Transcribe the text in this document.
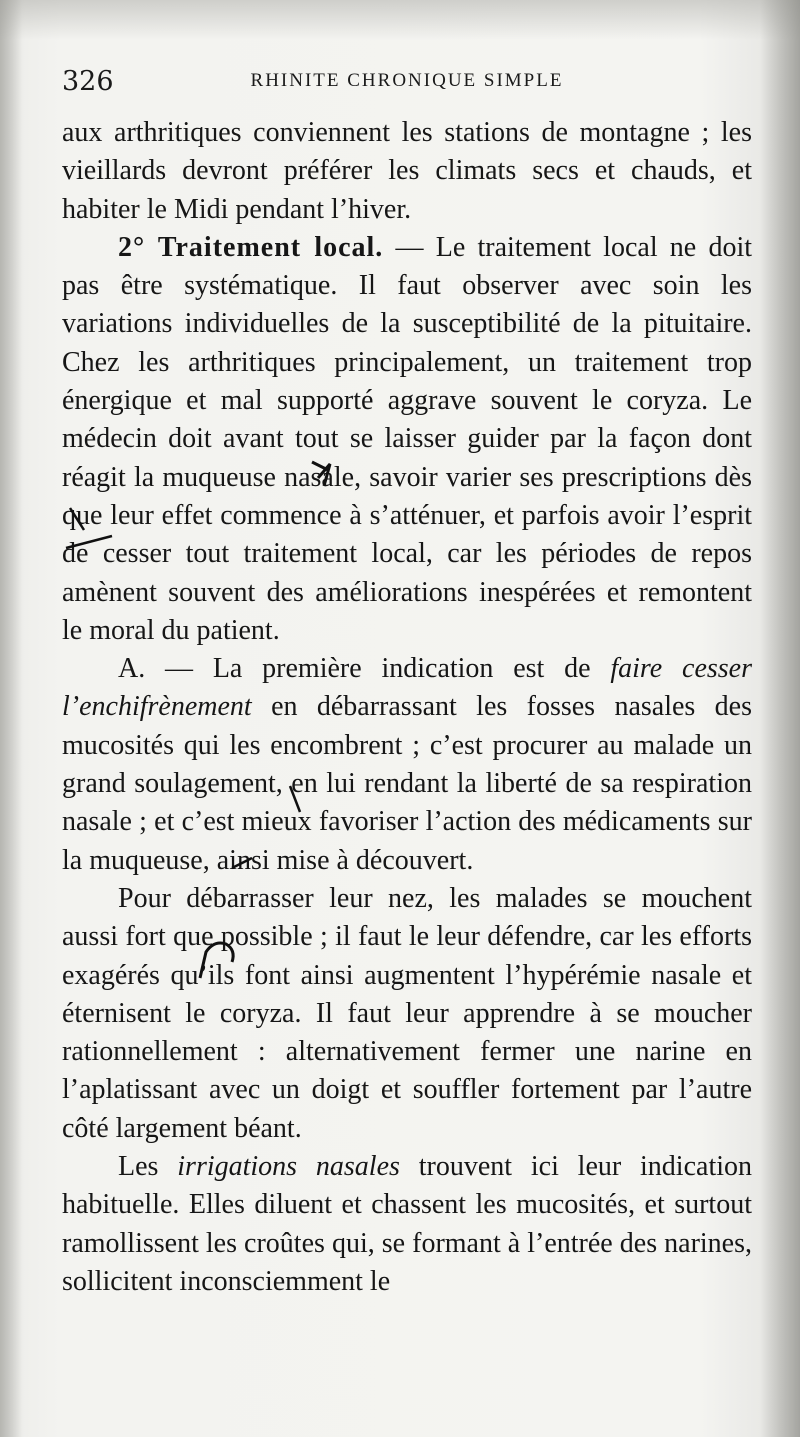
326	RHINITE CHRONIQUE SIMPLE

aux arthritiques conviennent les stations de montagne ; les vieillards devront préférer les climats secs et chauds, et habiter le Midi pendant l’hiver.

2° Traitement local. — Le traitement local ne doit pas être systématique. Il faut observer avec soin les variations individuelles de la susceptibilité de la pituitaire. Chez les arthritiques principalement, un traitement trop énergique et mal supporté aggrave souvent le coryza. Le médecin doit avant tout se laisser guider par la façon dont réagit la muqueuse nasale, savoir varier ses prescriptions dès que leur effet commence à s’atténuer, et parfois avoir l’esprit de cesser tout traitement local, car les périodes de repos amènent souvent des améliorations inespérées et remontent le moral du patient.

A. — La première indication est de faire cesser l’enchifrènement en débarrassant les fosses nasales des mucosités qui les encombrent ; c’est procurer au malade un grand soulagement, en lui rendant la liberté de sa respiration nasale ; et c’est mieux favoriser l’action des médicaments sur la muqueuse, ainsi mise à découvert.

Pour débarrasser leur nez, les malades se mouchent aussi fort que possible ; il faut le leur défendre, car les efforts exagérés qu’ils font ainsi augmentent l’hypérémie nasale et éternisent le coryza. Il faut leur apprendre à se moucher rationnellement : alternativement fermer une narine en l’aplatissant avec un doigt et souffler fortement par l’autre côté largement béant.

Les irrigations nasales trouvent ici leur indication habituelle. Elles diluent et chassent les mucosités, et surtout ramollissent les croûtes qui, se formant à l’entrée des narines, sollicitent inconsciemment le
